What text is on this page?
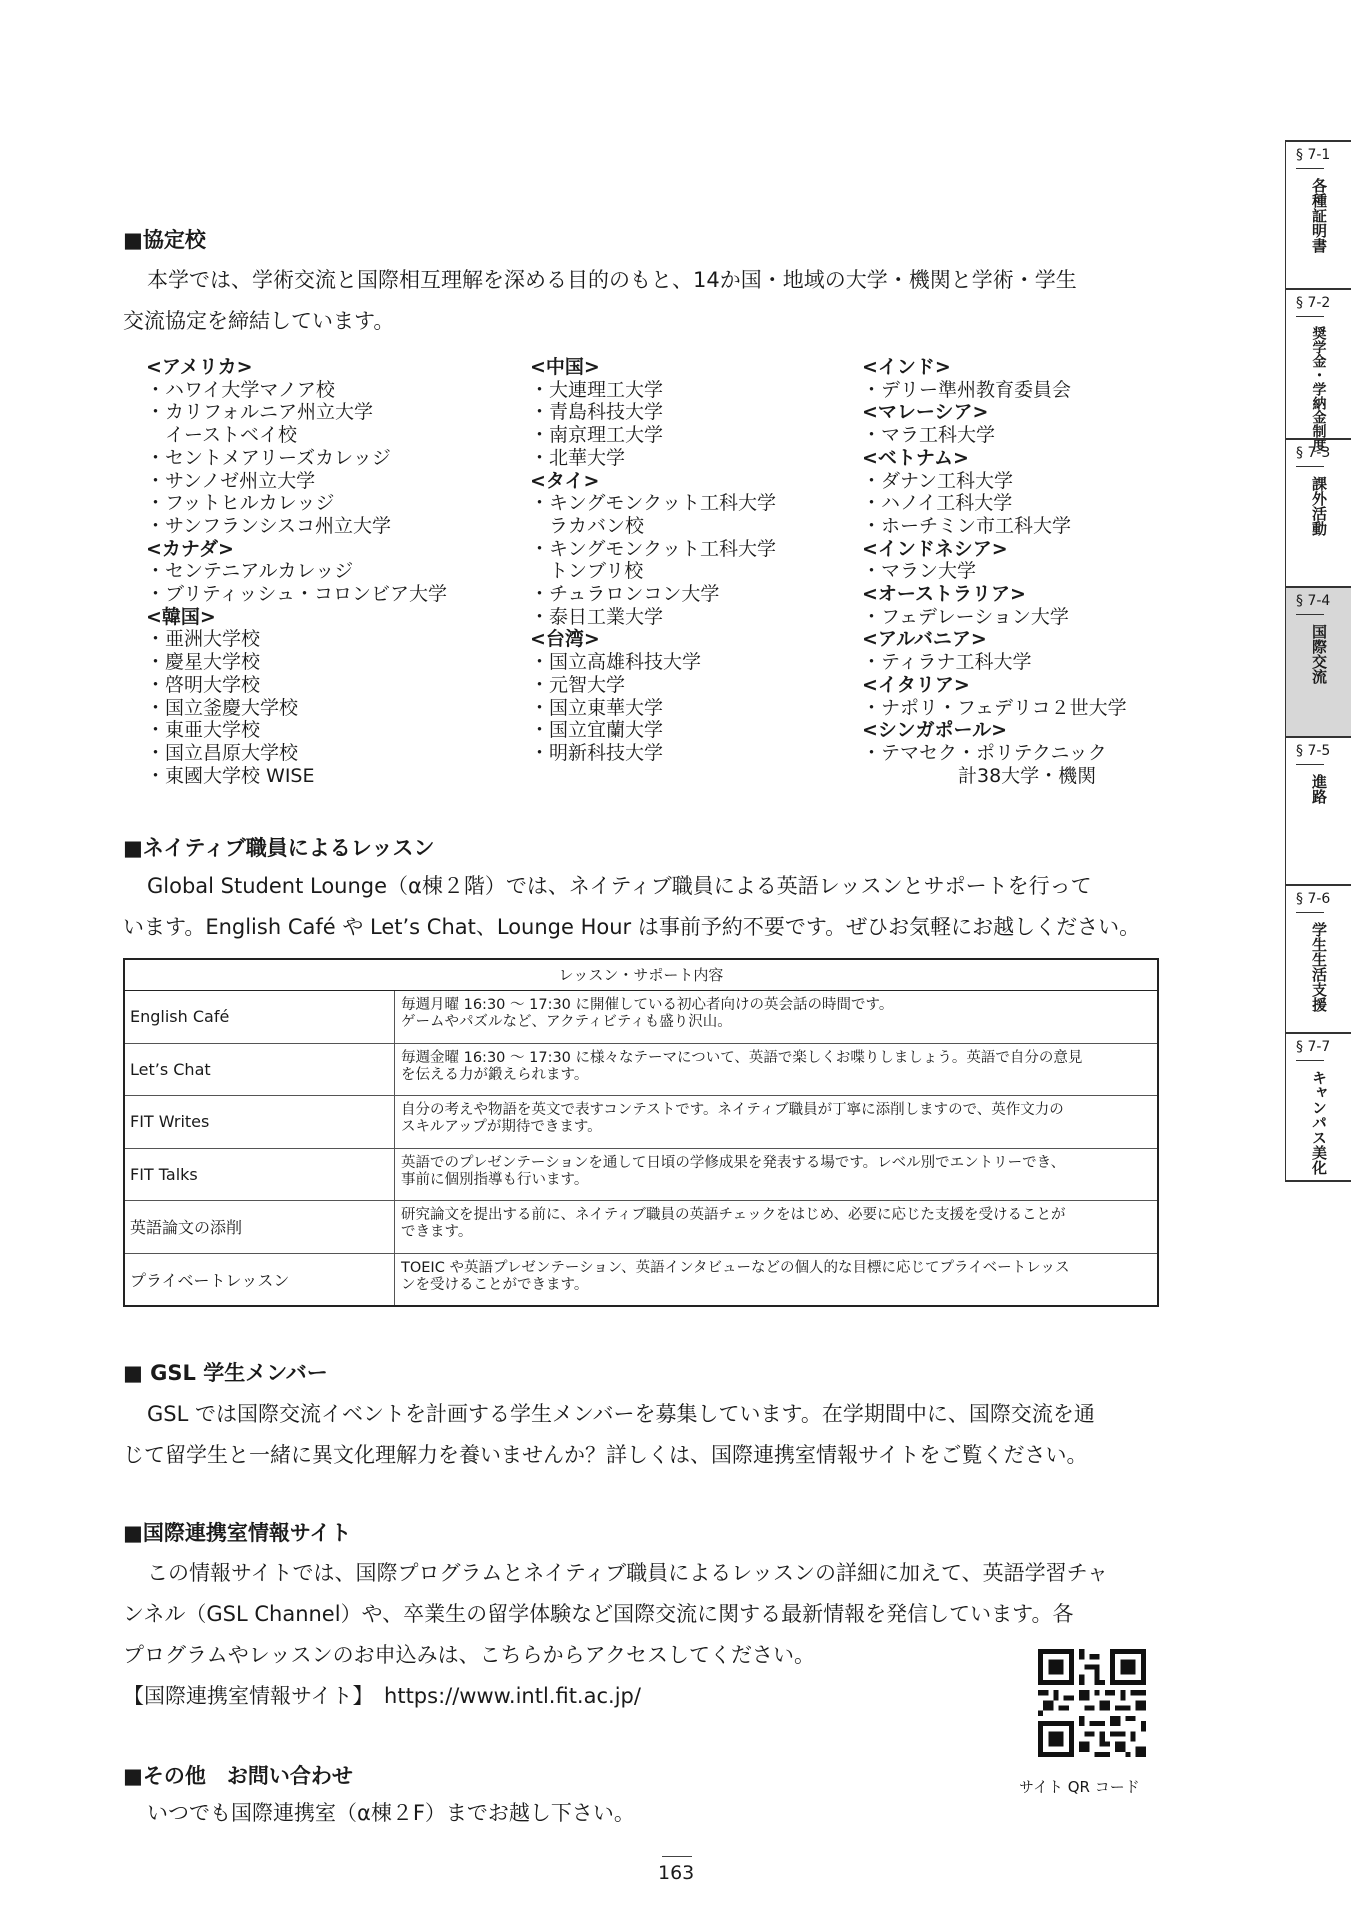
§ 7-1
各種証明書
§ 7-2
奨学金・学納金制度
§ 7-3
課外活動
§ 7-4
国際交流
§ 7-5
進路
§ 7-6
学生生活支援
§ 7-7
キャンパス美化
■協定校
本学では、学術交流と国際相互理解を深める目的のもと、14か国・地域の大学・機関と学術・学生
交流協定を締結しています。
<アメリカ>
・ハワイ大学マノア校
・カリフォルニア州立大学
イーストベイ校
・セントメアリーズカレッジ
・サンノゼ州立大学
・フットヒルカレッジ
・サンフランシスコ州立大学
<カナダ>
・センテニアルカレッジ
・ブリティッシュ・コロンビア大学
<韓国>
・亜洲大学校
・慶星大学校
・啓明大学校
・国立釜慶大学校
・東亜大学校
・国立昌原大学校
・東國大学校 WISE
<中国>
・大連理工大学
・青島科技大学
・南京理工大学
・北華大学
<タイ>
・キングモンクット工科大学
ラカバン校
・キングモンクット工科大学
トンブリ校
・チュラロンコン大学
・泰日工業大学
<台湾>
・国立高雄科技大学
・元智大学
・国立東華大学
・国立宜蘭大学
・明新科技大学
<インド>
・デリー準州教育委員会
<マレーシア>
・マラ工科大学
<ベトナム>
・ダナン工科大学
・ハノイ工科大学
・ホーチミン市工科大学
<インドネシア>
・マラン大学
<オーストラリア>
・フェデレーション大学
<アルバニア>
・ティラナ工科大学
<イタリア>
・ナポリ・フェデリコ２世大学
<シンガポール>
・テマセク・ポリテクニック
計38大学・機関
■ネイティブ職員によるレッスン
Global Student Lounge（α棟２階）では、ネイティブ職員による英語レッスンとサポートを行って
います。English Café や Let’s Chat、Lounge Hour は事前予約不要です。ぜひお気軽にお越しください。
レッスン・サポート内容
English Café
毎週月曜 16:30 ～ 17:30 に開催している初心者向けの英会話の時間です。
ゲームやパズルなど、アクティビティも盛り沢山。
Let’s Chat
毎週金曜 16:30 ～ 17:30 に様々なテーマについて、英語で楽しくお喋りしましょう。英語で自分の意見
を伝える力が鍛えられます。
FIT Writes
自分の考えや物語を英文で表すコンテストです。ネイティブ職員が丁寧に添削しますので、英作文力の
スキルアップが期待できます。
FIT Talks
英語でのプレゼンテーションを通して日頃の学修成果を発表する場です。レベル別でエントリーでき、
事前に個別指導も行います。
英語論文の添削
研究論文を提出する前に、ネイティブ職員の英語チェックをはじめ、必要に応じた支援を受けることが
できます。
プライベートレッスン
TOEIC や英語プレゼンテーション、英語インタビューなどの個人的な目標に応じてプライベートレッス
ンを受けることができます。
■ GSL 学生メンバー
GSL では国際交流イベントを計画する学生メンバーを募集しています。在学期間中に、国際交流を通
じて留学生と一緒に異文化理解力を養いませんか？詳しくは、国際連携室情報サイトをご覧ください。
■国際連携室情報サイト
この情報サイトでは、国際プログラムとネイティブ職員によるレッスンの詳細に加えて、英語学習チャ
ンネル（GSL Channel）や、卒業生の留学体験など国際交流に関する最新情報を発信しています。各
プログラムやレッスンのお申込みは、こちらからアクセスしてください。
【国際連携室情報サイト】　https://www.intl.fit.ac.jp/
サイト QR コード
■その他　お問い合わせ
いつでも国際連携室（α棟２F）までお越し下さい。
163
